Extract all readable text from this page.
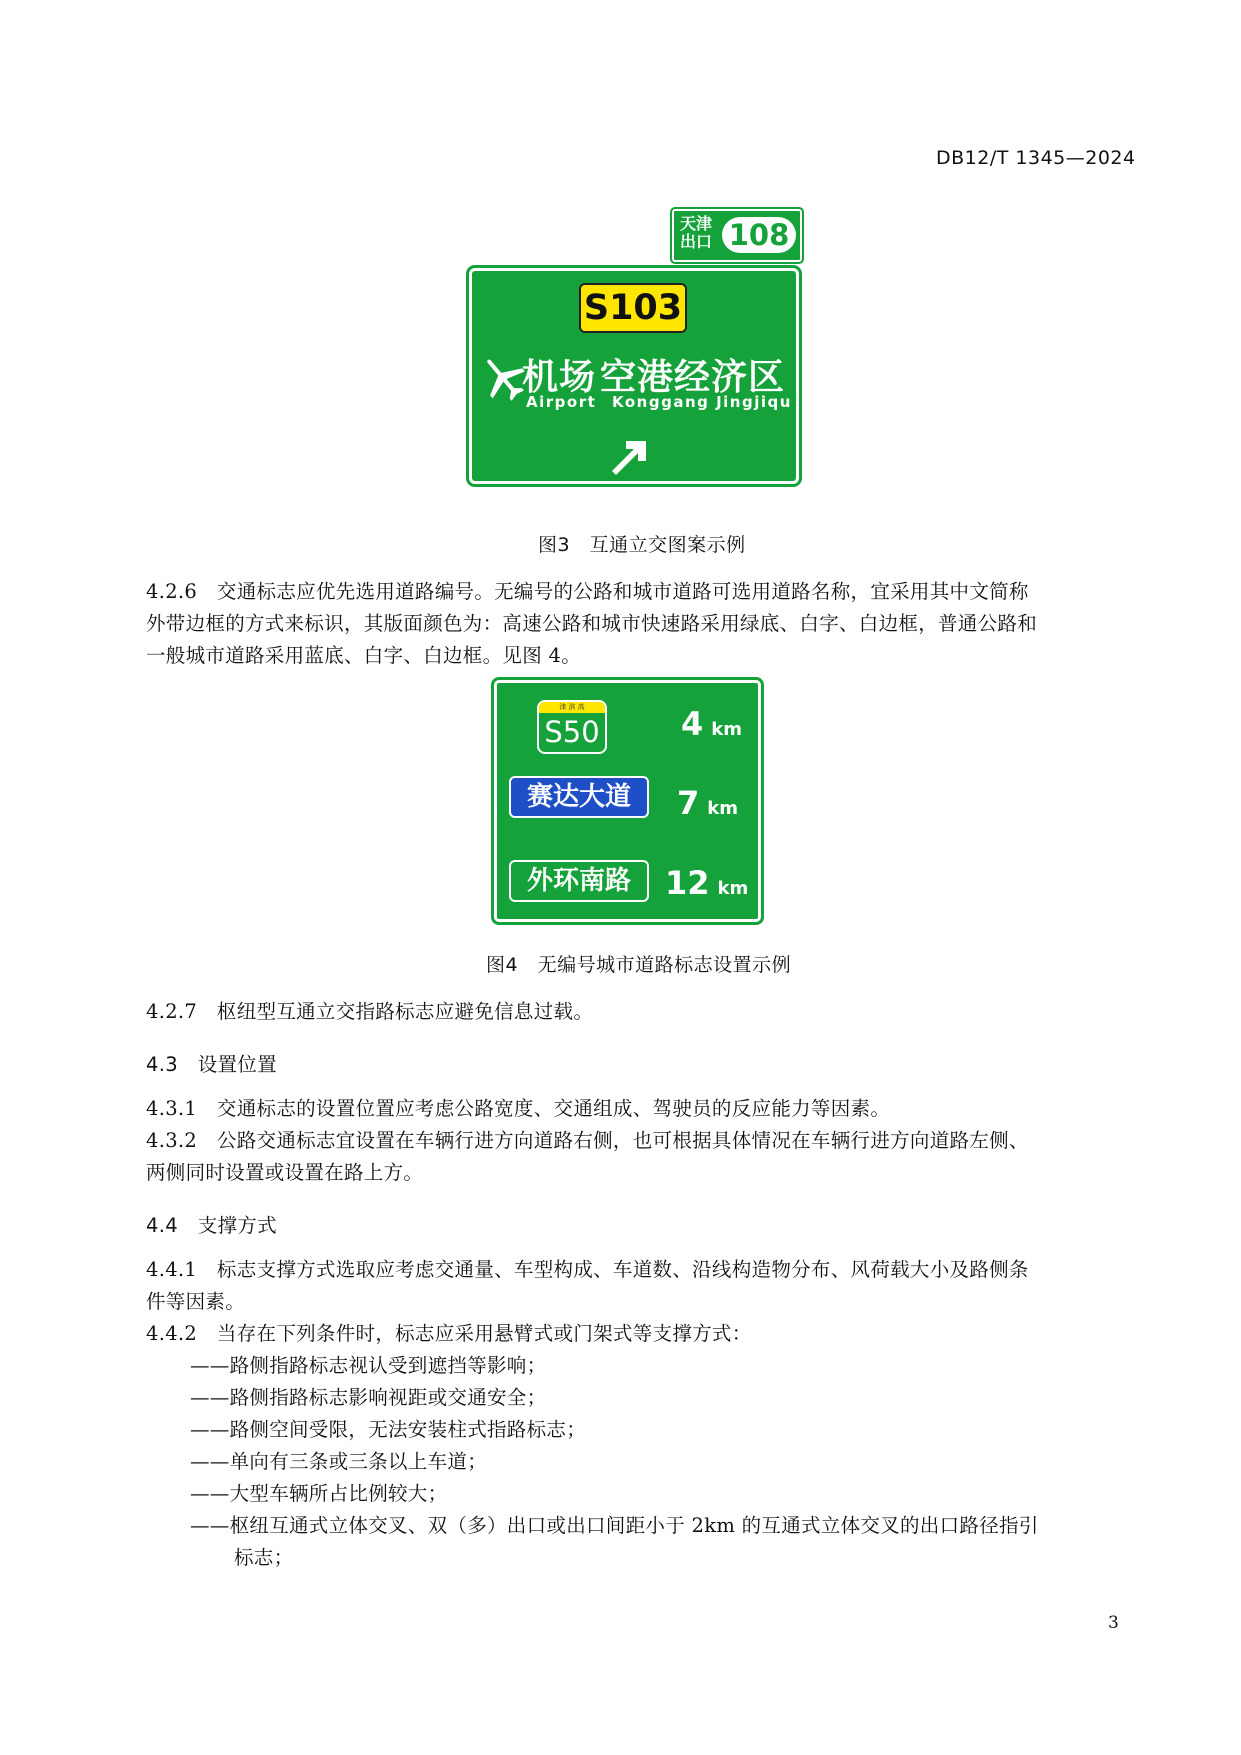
DB12/T 1345—2024
天津
出口 108
S103
机场 空港经济区
Airport Konggang Jingjiqu
图3　互通立交图案示例
4.2.6　交通标志应优先选用道路编号。无编号的公路和城市道路可选用道路名称，宜采用其中文简称
外带边框的方式来标识，其版面颜色为：高速公路和城市快速路采用绿底、白字、白边框，普通公路和
一般城市道路采用蓝底、白字、白边框。见图 4。
津 滨 高
S50	4 km
赛达大道	7 km
外环南路	12 km
图4　无编号城市道路标志设置示例
4.2.7　枢纽型互通立交指路标志应避免信息过载。
4.3　设置位置
4.3.1　交通标志的设置位置应考虑公路宽度、交通组成、驾驶员的反应能力等因素。
4.3.2　公路交通标志宜设置在车辆行进方向道路右侧，也可根据具体情况在车辆行进方向道路左侧、
两侧同时设置或设置在路上方。
4.4　支撑方式
4.4.1　标志支撑方式选取应考虑交通量、车型构成、车道数、沿线构造物分布、风荷载大小及路侧条
件等因素。
4.4.2　当存在下列条件时，标志应采用悬臂式或门架式等支撑方式：
——路侧指路标志视认受到遮挡等影响；
——路侧指路标志影响视距或交通安全；
——路侧空间受限，无法安装柱式指路标志；
——单向有三条或三条以上车道；
——大型车辆所占比例较大；
——枢纽互通式立体交叉、双（多）出口或出口间距小于 2km 的互通式立体交叉的出口路径指引
标志；
3
